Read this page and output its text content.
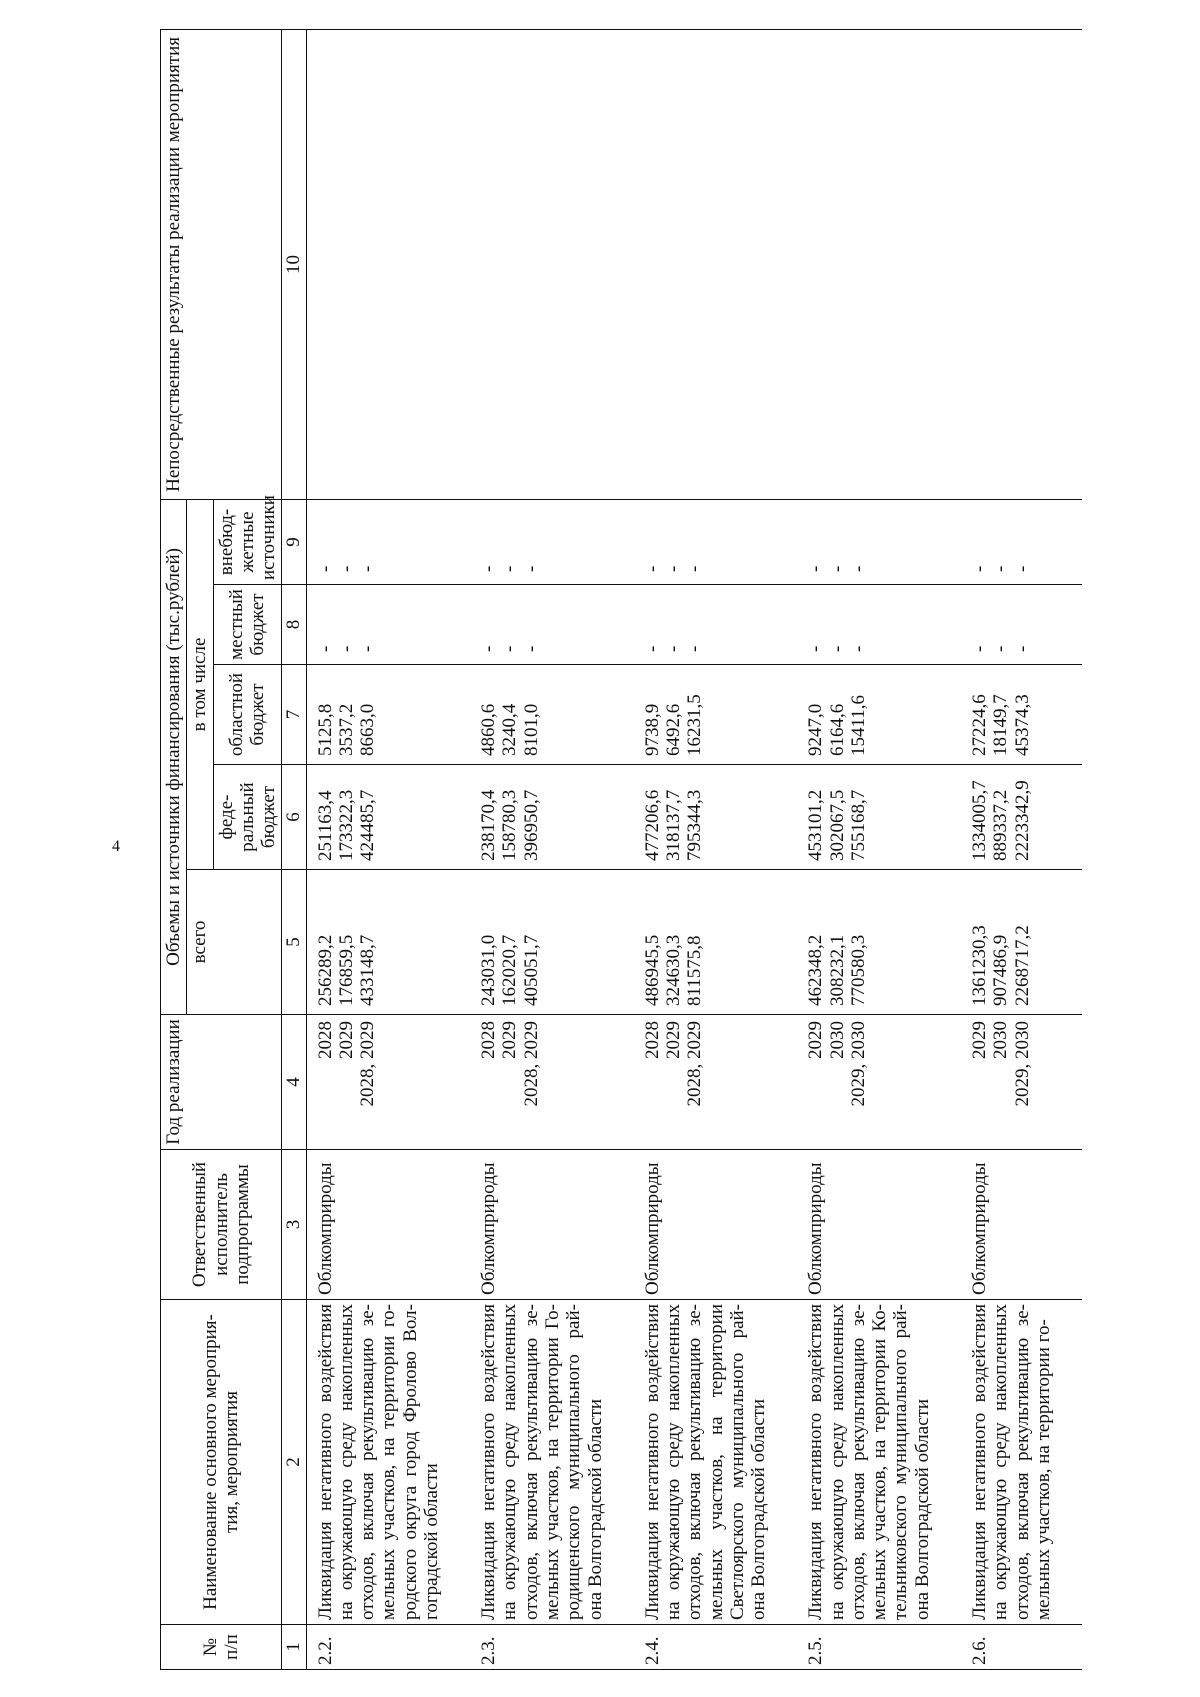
4
№ п/п	Наименование основного мероприя-тия, мероприятия	Ответственный исполнитель подпрограммы	Год реализации	Объемы и источники финансирования (тыс.рублей)					Непосредственные результаты реализации мероприятия
				всего	в том числе				
					феде-ральный бюджет	областной бюджет	местный бюджет	внебюд-жетные источники	
1	2	3	4	5	6	7	8	9	10
2.2.	Ликвидация негативного воздействия на окружающую среду накопленных отходов, включая рекультивацию зе-мельных участков, на территории го-родского округа город Фролово Вол-гоградской области	Облкомприроды	2028 2029 2028, 2029	256289,2 176859,5 433148,7	251163,4 173322,3 424485,7	5125,8 3537,2 8663,0	- - -	- - -	

2.3.	Ликвидация негативного воздействия на окружающую среду накопленных отходов, включая рекультивацию зе-мельных участков, на территории Го-родищенского муниципального рай-она Волгоградской области	Облкомприроды	2028 2029 2028, 2029	243031,0 162020,7 405051,7	238170,4 158780,3 396950,7	4860,6 3240,4 8101,0	- - -	- - -	

2.4.	Ликвидация негативного воздействия на окружающую среду накопленных отходов, включая рекультивацию зе-мельных участков, на территории Светлоярского муниципального рай-она Волгоградской области	Облкомприроды	2028 2029 2028, 2029	486945,5 324630,3 811575,8	477206,6 318137,7 795344,3	9738,9 6492,6 16231,5	- - -	- - -	

2.5.	Ликвидация негативного воздействия на окружающую среду накопленных отходов, включая рекультивацию зе-мельных участков, на территории Ко-тельниковского муниципального рай-она Волгоградской области	Облкомприроды	2029 2030 2029, 2030	462348,2 308232,1 770580,3	453101,2 302067,5 755168,7	9247,0 6164,6 15411,6	- - -	- - -	

2.6.	Ликвидация негативного воздействия на окружающую среду накопленных отходов, включая рекультивацию зе-мельных участков, на территории го-	Облкомприроды	2029 2030 2029, 2030	1361230,3 907486,9 2268717,2	1334005,7 889337,2 2223342,9	27224,6 18149,7 45374,3	- - -	- - -	
